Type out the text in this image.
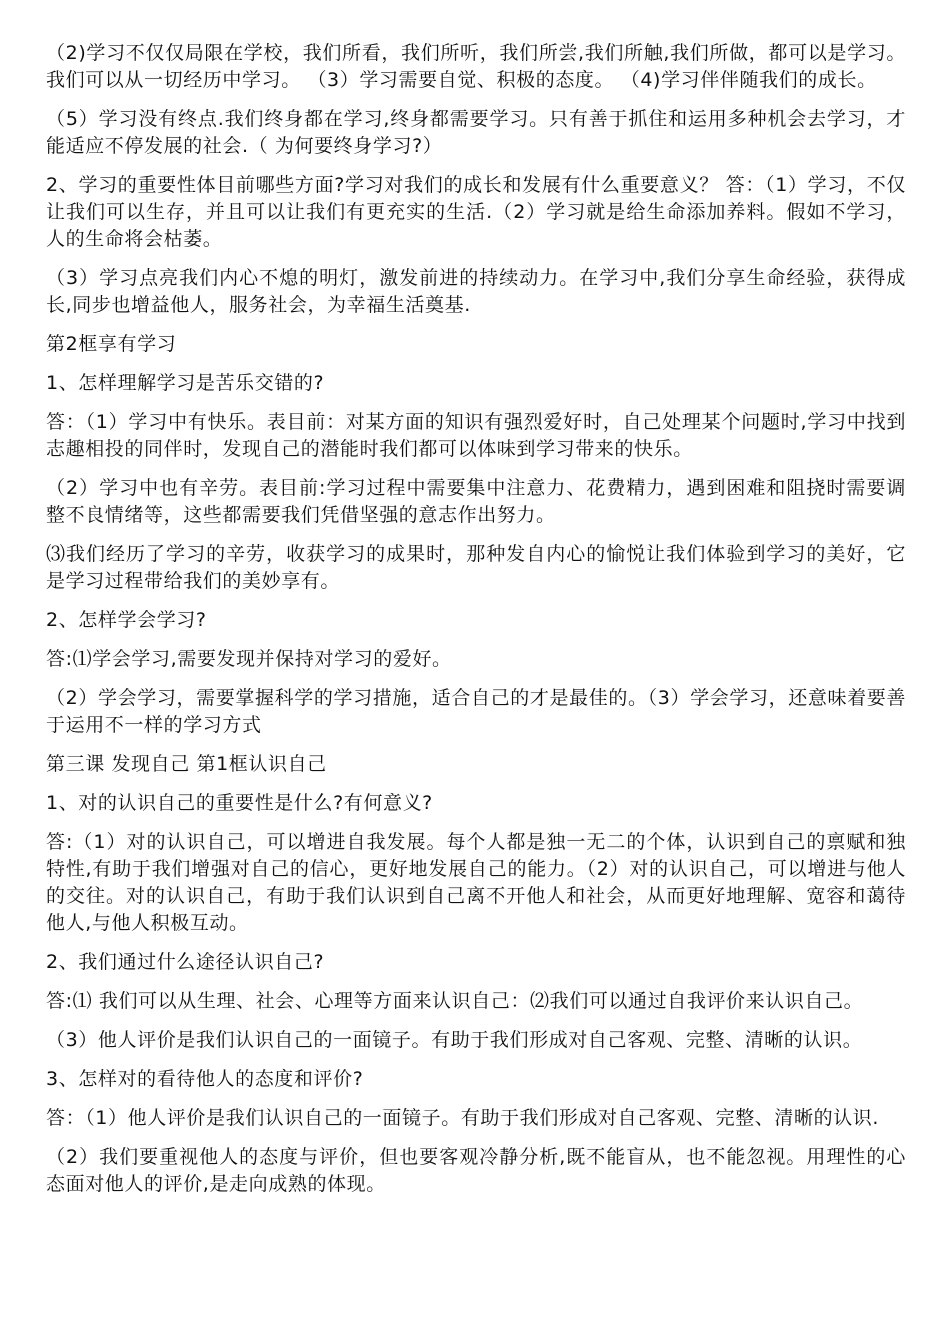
（2)学习不仅仅局限在学校，我们所看，我们所听，我们所尝,我们所触,我们所做，都可以是学习。我们可以从一切经历中学习。 （3）学习需要自觉、积极的态度。 （4)学习伴伴随我们的成长。

（5）学习没有终点.我们终身都在学习,终身都需要学习。只有善于抓住和运用多种机会去学习，才能适应不停发展的社会.（ 为何要终身学习?）

2、学习的重要性体目前哪些方面?学习对我们的成长和发展有什么重要意义？ 答：（1）学习，不仅让我们可以生存，并且可以让我们有更充实的生活.（2）学习就是给生命添加养料。假如不学习，人的生命将会枯萎。

（3）学习点亮我们内心不熄的明灯，激发前进的持续动力。在学习中,我们分享生命经验，获得成长,同步也增益他人，服务社会，为幸福生活奠基.

第2框享有学习

1、怎样理解学习是苦乐交错的?

答：（1）学习中有快乐。表目前：对某方面的知识有强烈爱好时，自己处理某个问题时,学习中找到志趣相投的同伴时，发现自己的潜能时我们都可以体味到学习带来的快乐。

（2）学习中也有辛劳。表目前:学习过程中需要集中注意力、花费精力，遇到困难和阻挠时需要调整不良情绪等，这些都需要我们凭借坚强的意志作出努力。

⑶我们经历了学习的辛劳，收获学习的成果时，那种发自内心的愉悦让我们体验到学习的美好，它是学习过程带给我们的美妙享有。

2、怎样学会学习?

答:⑴学会学习,需要发现并保持对学习的爱好。

（2）学会学习，需要掌握科学的学习措施，适合自己的才是最佳的。（3）学会学习，还意味着要善于运用不一样的学习方式

第三课 发现自己 第1框认识自己

1、对的认识自己的重要性是什么?有何意义?

答:（1）对的认识自己，可以增进自我发展。每个人都是独一无二的个体，认识到自己的禀赋和独特性,有助于我们增强对自己的信心，更好地发展自己的能力。（2）对的认识自己，可以增进与他人的交往。对的认识自己，有助于我们认识到自己离不开他人和社会，从而更好地理解、宽容和蔼待他人,与他人积极互动。

2、我们通过什么途径认识自己?

答:⑴ 我们可以从生理、社会、心理等方面来认识自己：⑵我们可以通过自我评价来认识自己。

（3）他人评价是我们认识自己的一面镜子。有助于我们形成对自己客观、完整、清晰的认识。

3、怎样对的看待他人的态度和评价?

答：（1）他人评价是我们认识自己的一面镜子。有助于我们形成对自己客观、完整、清晰的认识.

（2）我们要重视他人的态度与评价，但也要客观冷静分析,既不能盲从，也不能忽视。用理性的心态面对他人的评价,是走向成熟的体现。
